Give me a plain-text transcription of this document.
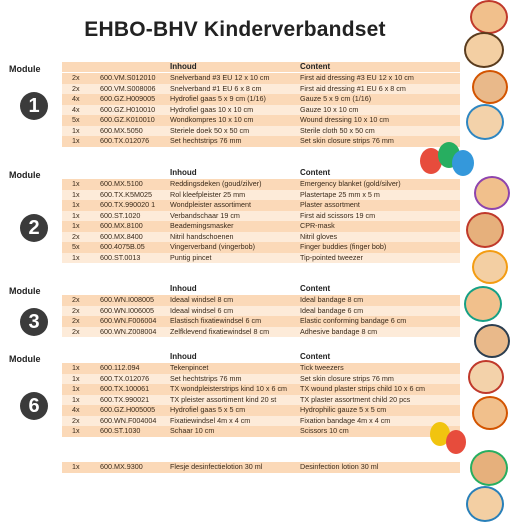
EHBO-BHV Kinderverbandset
Module
1
Inhoud	Content
2x	600.VM.S012010	Snelverband #3 EU 12 x 10 cm	First aid dressing #3 EU 12 x 10 cm
2x	600.VM.S008006	Snelverband #1 EU 6 x 8 cm	First aid dressing #1 EU 6 x 8 cm
4x	600.GZ.H009005	Hydrofiel gaas 5 x 9 cm (1/16)	Gauze 5 x 9 cm (1/16)
4x	600.GZ.H010010	Hydrofiel gaas 10 x 10 cm	Gauze 10 x 10 cm
5x	600.GZ.K010010	Wondkompres 10 x 10 cm	Wound dressing 10 x 10 cm
1x	600.MX.5050	Steriele doek 50 x 50 cm	Sterile cloth 50 x 50 cm
1x	600.TX.012076	Set hechtstrips 76 mm	Set skin closure strips 76 mm
Module
2
Inhoud	Content
1x	600.MX.5100	Reddingsdeken (goud/zilver)	Emergency blanket (gold/silver)
1x	600.TX.K5M025	Rol kleefpleister 25 mm	Plastertape 25 mm x 5 m
1x	600.TX.990020 1	Wondpleister assortiment	Plaster assortment
1x	600.ST.1020	Verbandschaar 19 cm	First aid scissors 19 cm
1x	600.MX.8100	Beademingsmasker	CPR-mask
2x	600.MX.8400	Nitril handschoenen	Nitril gloves
5x	600.4075B.05	Vingerverband (vingerbob)	Finger buddies (finger bob)
1x	600.ST.0013	Puntig pincet	Tip-pointed tweezer
Module
3
Inhoud	Content
2x	600.WN.I008005	Ideaal windsel 8 cm	Ideal bandage 8 cm
2x	600.WN.I006005	Ideaal windsel 6 cm	Ideal bandage 6 cm
2x	600.WN.F006004	Elastisch fixatiewindsel 6 cm	Elastic conforming bandage 6 cm
2x	600.WN.Z008004	Zelfklevend fixatiewindsel 8 cm	Adhesive bandage 8 cm
Module
6
Inhoud	Content
1x	600.112.094	Tekenpincet	Tick tweezers
1x	600.TX.012076	Set hechtstrips 76 mm	Set skin closure strips 76 mm
1x	600.TX.100061	TX wondpleisterstrips kind 10 x 6 cm	TX wound plaster strips child 10 x 6 cm
1x	600.TX.990021	TX pleister assortiment kind 20 st	TX plaster assortment child 20 pcs
4x	600.GZ.H005005	Hydrofiel gaas 5 x 5 cm	Hydrophilic gauze 5 x 5 cm
2x	600.WN.F004004	Fixatiewindsel 4m x 4 cm	Fixation bandage 4m x 4 cm
1x	600.ST.1030	Schaar 10 cm	Scissors 10 cm
1x	600.MX.9300	Flesje desinfectielotion 30 ml	Desinfection lotion 30 ml
